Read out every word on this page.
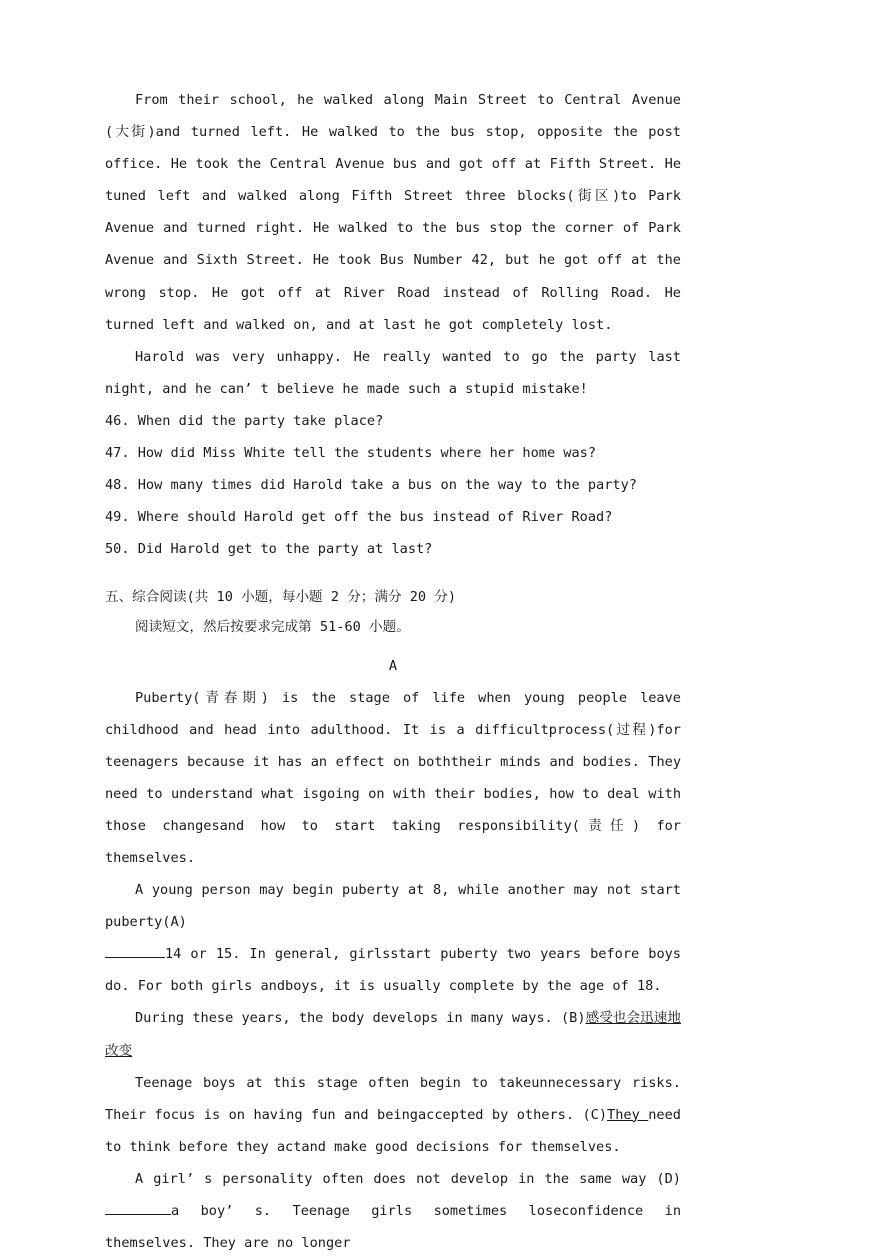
From their school, he walked along Main Street to Central Avenue (大街)and turned left. He walked to the bus stop, opposite the post office. He took the Central Avenue bus and got off at Fifth Street. He tuned left and walked along Fifth Street three blocks(街区)to Park Avenue and turned right. He walked to the bus stop the corner of Park Avenue and Sixth Street. He took Bus Number 42, but he got off at the wrong stop. He got off at River Road instead of Rolling Road. He turned left and walked on, and at last he got completely lost.

Harold was very unhappy. He really wanted to go the party last night, and he can’ t believe he made such a stupid mistake!

46. When did the party take place?

47. How did Miss White tell the students where her home was?

48. How many times did Harold take a bus on the way to the party?

49. Where should Harold get off the bus instead of River Road?

50. Did Harold get to the party at last?

五、综合阅读(共 10 小题，每小题 2 分；满分 20 分)

阅读短文，然后按要求完成第 51-60 小题。

A

Puberty(青春期) is the stage of life when young people leave childhood and head into adulthood. It is a difficultprocess(过程)for teenagers because it has an effect on boththeir minds and bodies. They need to understand what isgoing on with their bodies, how to deal with those changesand how to start taking responsibility(责任) for themselves.

A young person may begin puberty at 8, while another may not start puberty(A)
14 or 15. In general, girlsstart puberty two years before boys do. For both girls andboys, it is usually complete by the age of 18.

During these years, the body develops in many ways. (B)感受也会迅速地改变

Teenage boys at this stage often begin to takeunnecessary risks. Their focus is on having fun and beingaccepted by others. (C)They need to think before they actand make good decisions for themselves.

A girl’ s personality often does not develop in the same way (D)a boy’ s. Teenage girls sometimes loseconfidence in themselves. They are no longer
